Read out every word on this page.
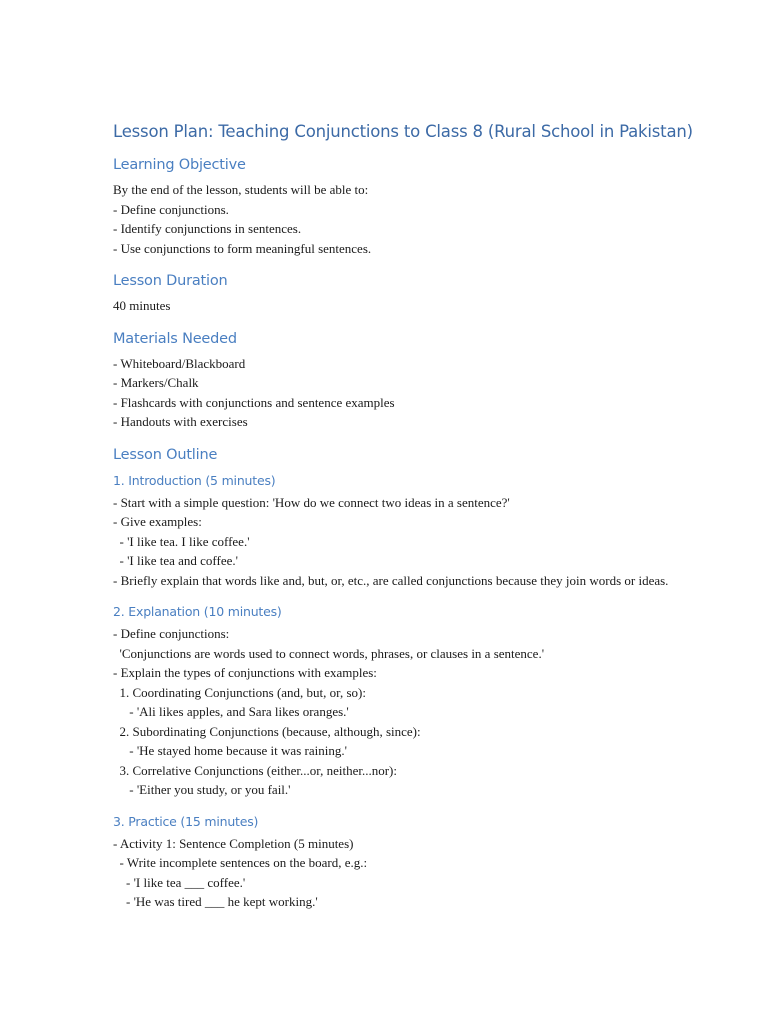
Lesson Plan: Teaching Conjunctions to Class 8 (Rural School in Pakistan)
Learning Objective

By the end of the lesson, students will be able to:

- Define conjunctions.

- Identify conjunctions in sentences.

- Use conjunctions to form meaningful sentences.

Lesson Duration

40 minutes

Materials Needed

- Whiteboard/Blackboard

- Markers/Chalk

- Flashcards with conjunctions and sentence examples

- Handouts with exercises

Lesson Outline
1. Introduction (5 minutes)

- Start with a simple question: 'How do we connect two ideas in a sentence?'

- Give examples:

- 'I like tea. I like coffee.'

- 'I like tea and coffee.'

- Briefly explain that words like and, but, or, etc., are called conjunctions because they join words or ideas.

2. Explanation (10 minutes)

- Define conjunctions:

'Conjunctions are words used to connect words, phrases, or clauses in a sentence.'

- Explain the types of conjunctions with examples:

1. Coordinating Conjunctions (and, but, or, so):

- 'Ali likes apples, and Sara likes oranges.'

2. Subordinating Conjunctions (because, although, since):

- 'He stayed home because it was raining.'

3. Correlative Conjunctions (either...or, neither...nor):

- 'Either you study, or you fail.'

3. Practice (15 minutes)

- Activity 1: Sentence Completion (5 minutes)

- Write incomplete sentences on the board, e.g.:

- 'I like tea ___ coffee.'

- 'He was tired ___ he kept working.'
